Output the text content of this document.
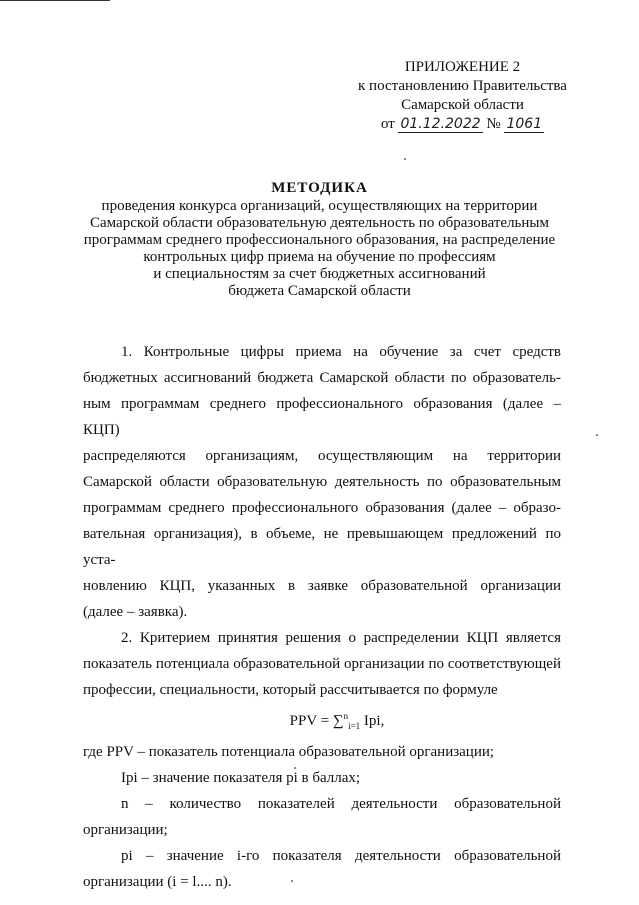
ПРИЛОЖЕНИЕ 2
к постановлению Правительства
Самарской области
от 01.12.2022 № 1061
МЕТОДИКА
проведения конкурса организаций, осуществляющих на территории
Самарской области образовательную деятельность по образовательным
программам среднего профессионального образования, на распределение
контрольных цифр приема на обучение по профессиям
и специальностям за счет бюджетных ассигнований
бюджета Самарской области
1. Контрольные цифры приема на обучение за счет средств
бюджетных ассигнований бюджета Самарской области по образователь-
ным программам среднего профессионального образования (далее – КЦП)
распределяются организациям, осуществляющим на территории
Самарской области образовательную деятельность по образовательным
программам среднего профессионального образования (далее – образо-
вательная организация), в объеме, не превышающем предложений по уста-
новлению КЦП, указанных в заявке образовательной организации
(далее – заявка).
2. Критерием принятия решения о распределении КЦП является
показатель потенциала образовательной организации по соответствующей
профессии, специальности, который рассчитывается по формуле
PPV = ∑$^n_{i=1}$ Ipi,
где PPV – показатель потенциала образовательной организации;
Ipi – значение показателя pi в баллах;
n – количество показателей деятельности образовательной
организации;
pi – значение i-го показателя деятельности образовательной
организации (i = l.... n).
